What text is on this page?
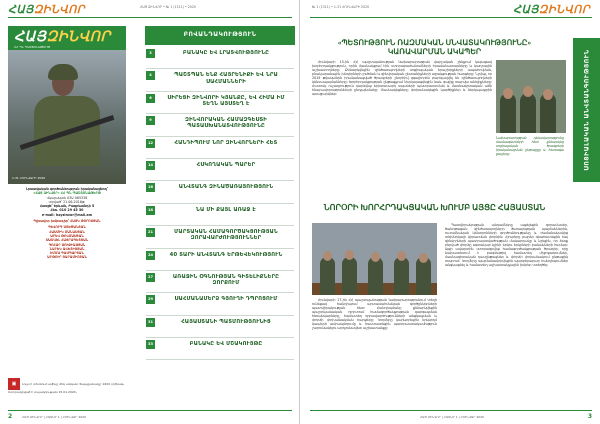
ՀԱՅԶԻՆՎՈՐ	ՀԱՅ ԶԻՆՎՈՐ • № 1 (1311) • 2020
ՀԱՅԶԻՆՎՈՐ
ՀՀ ՊՆ ՊԱՇՏՈՆԱԹԵՐԹ
1-31 ՀՈՒՆՎԱՐԻ 2020

Լրատվական գործունեություն իրականացնող՝
«ՀԱՅ ԶԻՆՎՈՐ» ՀՀ ՊՆ ՊԱՇՏՈՆԱԹԵՐԹ
Վկայական 03Ա 065338
տրված՝ 21.06.2016թ.
Հասցե՝ Երևան, Բագրևանդի 5
Հեռ. 010 29 45 30
e-mail: hayzinvor@mail.am

Գլխավոր խմբագիր՝ ՀԱՅԿ ԹՈՐՈՍՅԱՆ

ԳԵՎՈՐԳ ՍՏԵՓԱՆՅԱՆ
ՀԱՍՄԻԿ ՄԱՆԱՍՅԱՆ
ԱՐԵՎ ԹՈՎՄԱՍՅԱՆ
ՍԱՄՎԵԼ ՀԱՅՐԱՊԵՏՅԱՆ
ԳՈՀԱՐ ՍՈՒՔԻԱՍՅԱՆ
ՆԱՐԵԿ ԱՎԵՏԻՍՅԱՆ
ԷՄՄԱ ԳԱՍՊԱՐՅԱՆ
ԱՐԹՈՒՐ ՅԱՐԱՄԻՇՅԱՆ

▣ Լույս է տեսնում ամիսը մեկ անգամ։ Տպաքանակը՝ 1000 օրինակ։ Ստորագրված է տպագրության 15.01.2020։
ԲՈՎԱՆԴԱԿՈՒԹՅՈՒՆ
3	ԲԱՆԱԿԸ ԵՎ ԼՐԱՏՎՈՒԹՅՈՒՆԸ
4	ՊԱՇՏՊԱՆ ԵՆՔ ՀԱՅՐԵՆԻՔԻ ԵՎ ՆՐԱ ՍԱՀՄԱՆՆԵՐԻ
6	ՍԻՐԵՑԻ ԶԻՆՎՈՐԻ ԿՅԱՆՔԸ, ԵՎ ՀԻՄԱ ԻՄ ՏԵՂՆ ԱՅՍՏԵՂ Է
9	ԶԻՆՎՈՐԱԿԱՆ ՀԱՄԱԶԳԵՍՏԻ ՊԱՏԱՍԽԱՆԱՏՎՈՒԹՅՈՒՆԸ
12	ՀԱՆԴԻՊՈՒՄ ՆՈՐ ԶԻՆՎՈՐՆԵՐԻ ՀԵՏ
14	ՀՍԿՈՂԱԿԱՆ ՊԱՐԵՐ
16	ԱՆՎՏԱՆԳ ԶԻՆԱԾԱՌԱՅՈՒԹՅՈՒՆ
18	ՆԱ ՄԻ ՔԱՅԼ ԱՌԱՋ Է
21	ՄԱՐՏԱԿԱՆ ՀԱՄԱԳՈՐԾԱԿՑՈՒԹՅԱՆ ԶՈՐԱՎԱՐԺՈՒԹՅՈՒՆՆԵՐ
24	40 ՏԱՐԻ ԱՆՎՏԱՆԳ ԵՐԹԵՎԵԿՈՒԹՅՈՒՆ
27	ԱՌԱՋԻՆ ՕԳՆՈՒԹՅԱՆ ԳԻՏԵԼԻՔՆԵՐԸ ԶՈՐՔՈՒՄ
29	ՍԱՀՄԱՆԱՄԵՐՁ ԳՅՈՒՂԻ ԴՊՐՈՑՈՒՄ
31	ՀԱՅԱՍՏԱՆԻ ՊԱՏՄՈՒԹՅՈՒՆԻՑ
33	ԲԱՆԱԿԸ ԵՎ ՄՇԱԿՈՒՅԹԸ
2	ՀԱՅ ԶԻՆՎՈՐ | ՀԱՄԱՐ 1 | ՀՈՒՆՎԱՐ 2020
№ 1 (1311) • 1-31 ՀՈՒՆՎԱՐԻ 2020	ՀԱՅԶԻՆՎՈՐ
ՍՈՑԻԱԼԱԿԱՆ ԱՆՎՏԱՆԳՈՒԹՅՈՒՆ
«ՊԵՏՈՒԹՅՈՒՆ ՌԱԶՄԱԿԱՆ ՍՆՎԱՏԱԿՈՒԹՅՈՒՆԸ» ԿԱՌԱՎԱՐՄԱՆ ԱԿԱՊԵՐ

Հունվարի 15-ին ՀՀ պաշտպանության նախարարության վարչական շենքում կայացավ խորհրդակցություն, որին մասնակցում էին ստորաբաժանումների հրամանատարները և կադրային աշխատողները։ Քննարկվեցին զինծառայողների սոցիալական երաշխիքների ապահովման, բնակարանային խնդիրների լուծման և զինվորական ընտանիքների աջակցության հարցերը։ Նշվեց, որ 2019 թվականին իրականացված ծրագրերի շնորհիվ զգալիորեն բարելավվել են զինծառայողների կենսապայմանները։ Խորհրդակցության ընթացքում ներկայացվեցին նաև գալիք տարվա անելիքները։ Հատուկ ուշադրություն դարձվեց երիտասարդ սպաների պատրաստման և մասնագիտական աճի հնարավորությունների ընդլայնմանը։ Մասնակիցները փոխանակեցին կարծիքներ և ներկայացրին առաջարկներ։

Նախարարության ղեկավարությունը մասնագետների հետ քննարկեց սոցիալական ծրագրերի իրականացման ընթացքը և հետագա քայլերը։
ՆՈՐՕՐԻ ԽՈՐՀՐԴԱԿՑԱԿԱՆ ԽՈՒՄԲ ԱՅՑԸ ՀԱՅԱՍՏԱՆ

Հունվարի 17-ին ՀՀ պաշտպանության նախարարությունում տեղի ունեցավ հանդիպում արտասահմանյան գործընկերների պատվիրակության հետ։ Հանդիպմանը քննարկվեցին պաշտպանական ոլորտում համագործակցության զարգացման հեռանկարները, համատեղ զորավարժությունների անցկացման և փորձի փոխանակման հարցերը։ Կողմերը կարևորեցին երկկողմ կապերի ամրապնդումը և հաստատեցին պատրաստակամություն շարունակելու արդյունավետ աշխատանքը։

Պատվիրակության անդամները այցելեցին զորամասեր, ծանոթացան զինծառայողների ծառայության պայմաններին, ուսումնական կենտրոնների գործունեությանը և ժամանակակից տեխնիկայի կիրառման փորձին։ Հյուրերը բարձր գնահատեցին հայ զինվորների պատրաստվածության մակարդակը և նշեցին, որ ձեռք բերված փորձը օգտակար կլինի երկու երկրների բանակների համար։ Այցի ավարտին ստորագրվեց համագործակցության ծրագիր, որը նախատեսում է բազմաթիվ համատեղ միջոցառումներ, մասնագիտական դասընթացներ և փորձի փոխանակում ընթացիկ տարում։ Կողմերը պայմանավորվեցին պարբերաբար հանդիպումներ անցկացնել և համատեղ աշխատանքային խմբեր ստեղծել։

ՀԱՅ ԶԻՆՎՈՐ | ՀԱՄԱՐ 1 | ՀՈՒՆՎԱՐ 2020	3
